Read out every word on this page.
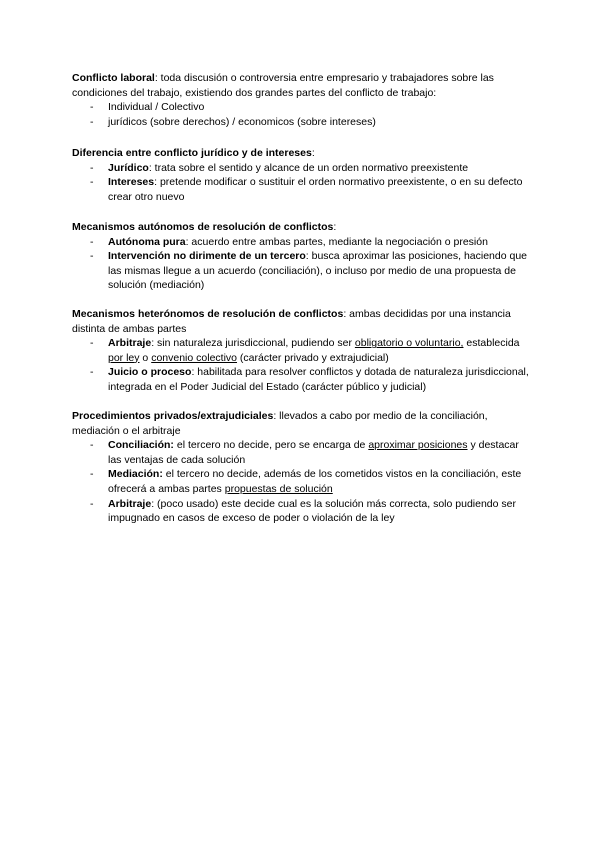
Conflicto laboral: toda discusión o controversia entre empresario y trabajadores sobre las condiciones del trabajo, existiendo dos grandes partes del conflicto de trabajo:

- Individual / Colectivo
- jurídicos (sobre derechos) / economicos (sobre intereses)

Diferencia entre conflicto jurídico y de intereses:

- Jurídico: trata sobre el sentido y alcance de un orden normativo preexistente
- Intereses: pretende modificar o sustituir el orden normativo preexistente, o en su defecto crear otro nuevo

Mecanismos autónomos de resolución de conflictos:

- Autónoma pura: acuerdo entre ambas partes, mediante la negociación o presión
- Intervención no dirimente de un tercero: busca aproximar las posiciones, haciendo que las mismas llegue a un acuerdo (conciliación), o incluso por medio de una propuesta de solución (mediación)

Mecanismos heterónomos de resolución de conflictos: ambas decididas por una instancia distinta de ambas partes

- Arbitraje: sin naturaleza jurisdiccional, pudiendo ser obligatorio o voluntario, establecida por ley o convenio colectivo (carácter privado y extrajudicial)
- Juicio o proceso: habilitada para resolver conflictos y dotada de naturaleza jurisdiccional, integrada en el Poder Judicial del Estado (carácter público y judicial)

Procedimientos privados/extrajudiciales: llevados a cabo por medio de la conciliación, mediación o el arbitraje

- Conciliación: el tercero no decide, pero se encarga de aproximar posiciones y destacar las ventajas de cada solución
- Mediación: el tercero no decide, además de los cometidos vistos en la conciliación, este ofrecerá a ambas partes propuestas de solución
- Arbitraje: (poco usado) este decide cual es la solución más correcta, solo pudiendo ser impugnado en casos de exceso de poder o violación de la ley
